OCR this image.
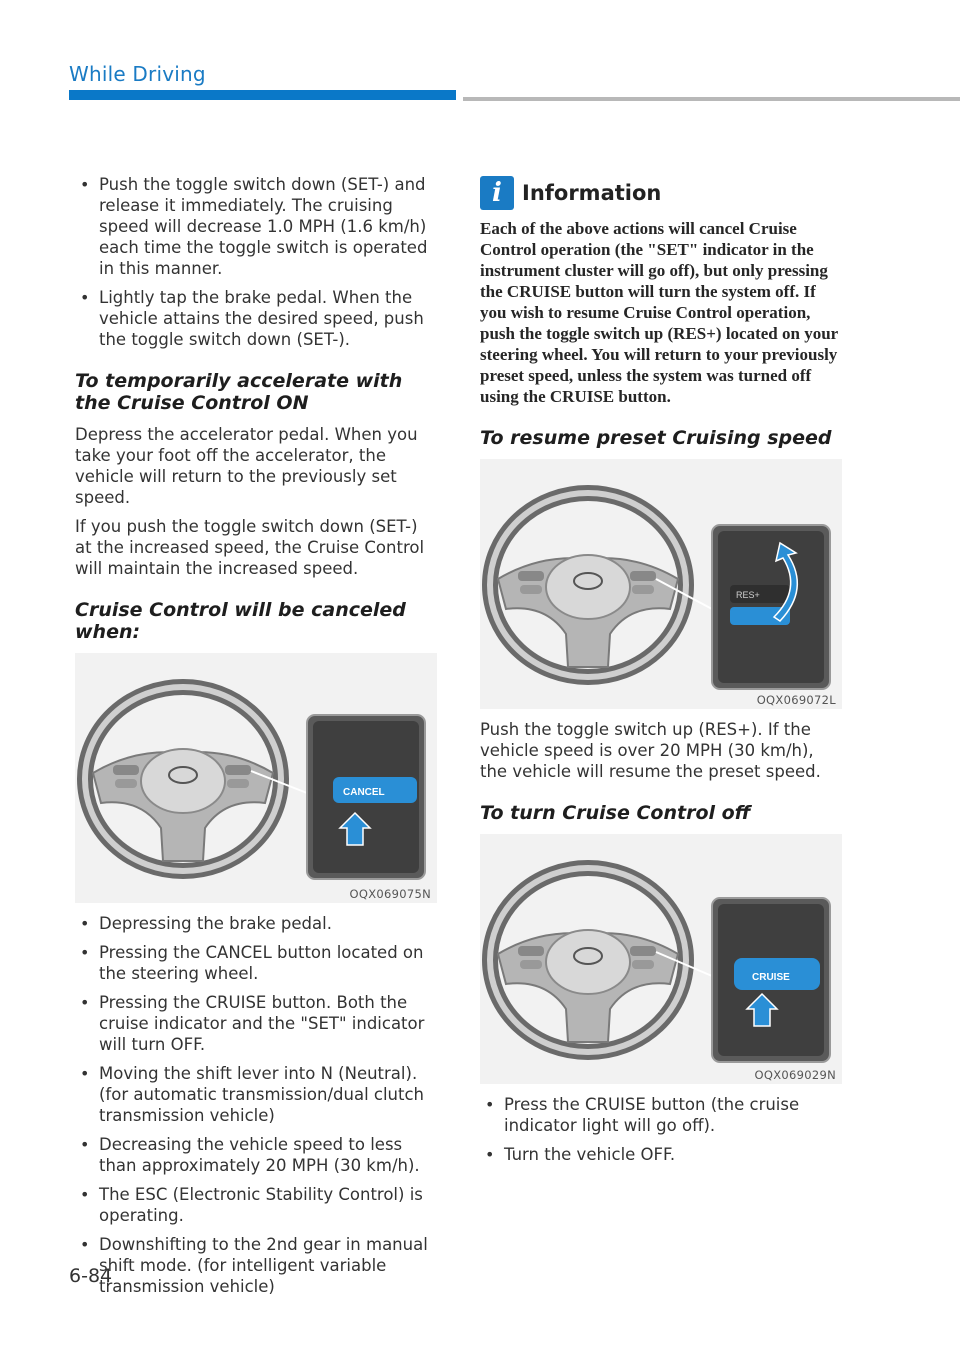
While Driving
• Push the toggle switch down (SET-) and release it immediately. The cruising speed will decrease 1.0 MPH (1.6 km/h) each time the toggle switch is operated in this manner.
• Lightly tap the brake pedal. When the vehicle attains the desired speed, push the toggle switch down (SET-).
To temporarily accelerate with the Cruise Control ON

Depress the accelerator pedal. When you take your foot off the accelerator, the vehicle will return to the previously set speed.

If you push the toggle switch down (SET-) at the increased speed, the Cruise Control will maintain the increased speed.

Cruise Control will be canceled when:
CANCEL
OQX069075N
• Depressing the brake pedal.
• Pressing the CANCEL button located on the steering wheel.
• Pressing the CRUISE button. Both the cruise indicator and the "SET" indicator will turn OFF.
• Moving the shift lever into N (Neutral). (for automatic transmission/dual clutch transmission vehicle)
• Decreasing the vehicle speed to less than approximately 20 MPH (30 km/h).
• The ESC (Electronic Stability Control) is operating.
• Downshifting to the 2nd gear in manual shift mode. (for intelligent variable transmission vehicle)
i Information

Each of the above actions will cancel Cruise Control operation (the "SET" indicator in the instrument cluster will go off), but only pressing the CRUISE button will turn the system off. If you wish to resume Cruise Control operation, push the toggle switch up (RES+) located on your steering wheel. You will return to your previously preset speed, unless the system was turned off using the CRUISE button.

To resume preset Cruising speed
RES+
OQX069072L

Push the toggle switch up (RES+). If the vehicle speed is over 20 MPH (30 km/h), the vehicle will resume the preset speed.

To turn Cruise Control off
CRUISE
OQX069029N
• Press the CRUISE button (the cruise indicator light will go off).
• Turn the vehicle OFF.
6-84
